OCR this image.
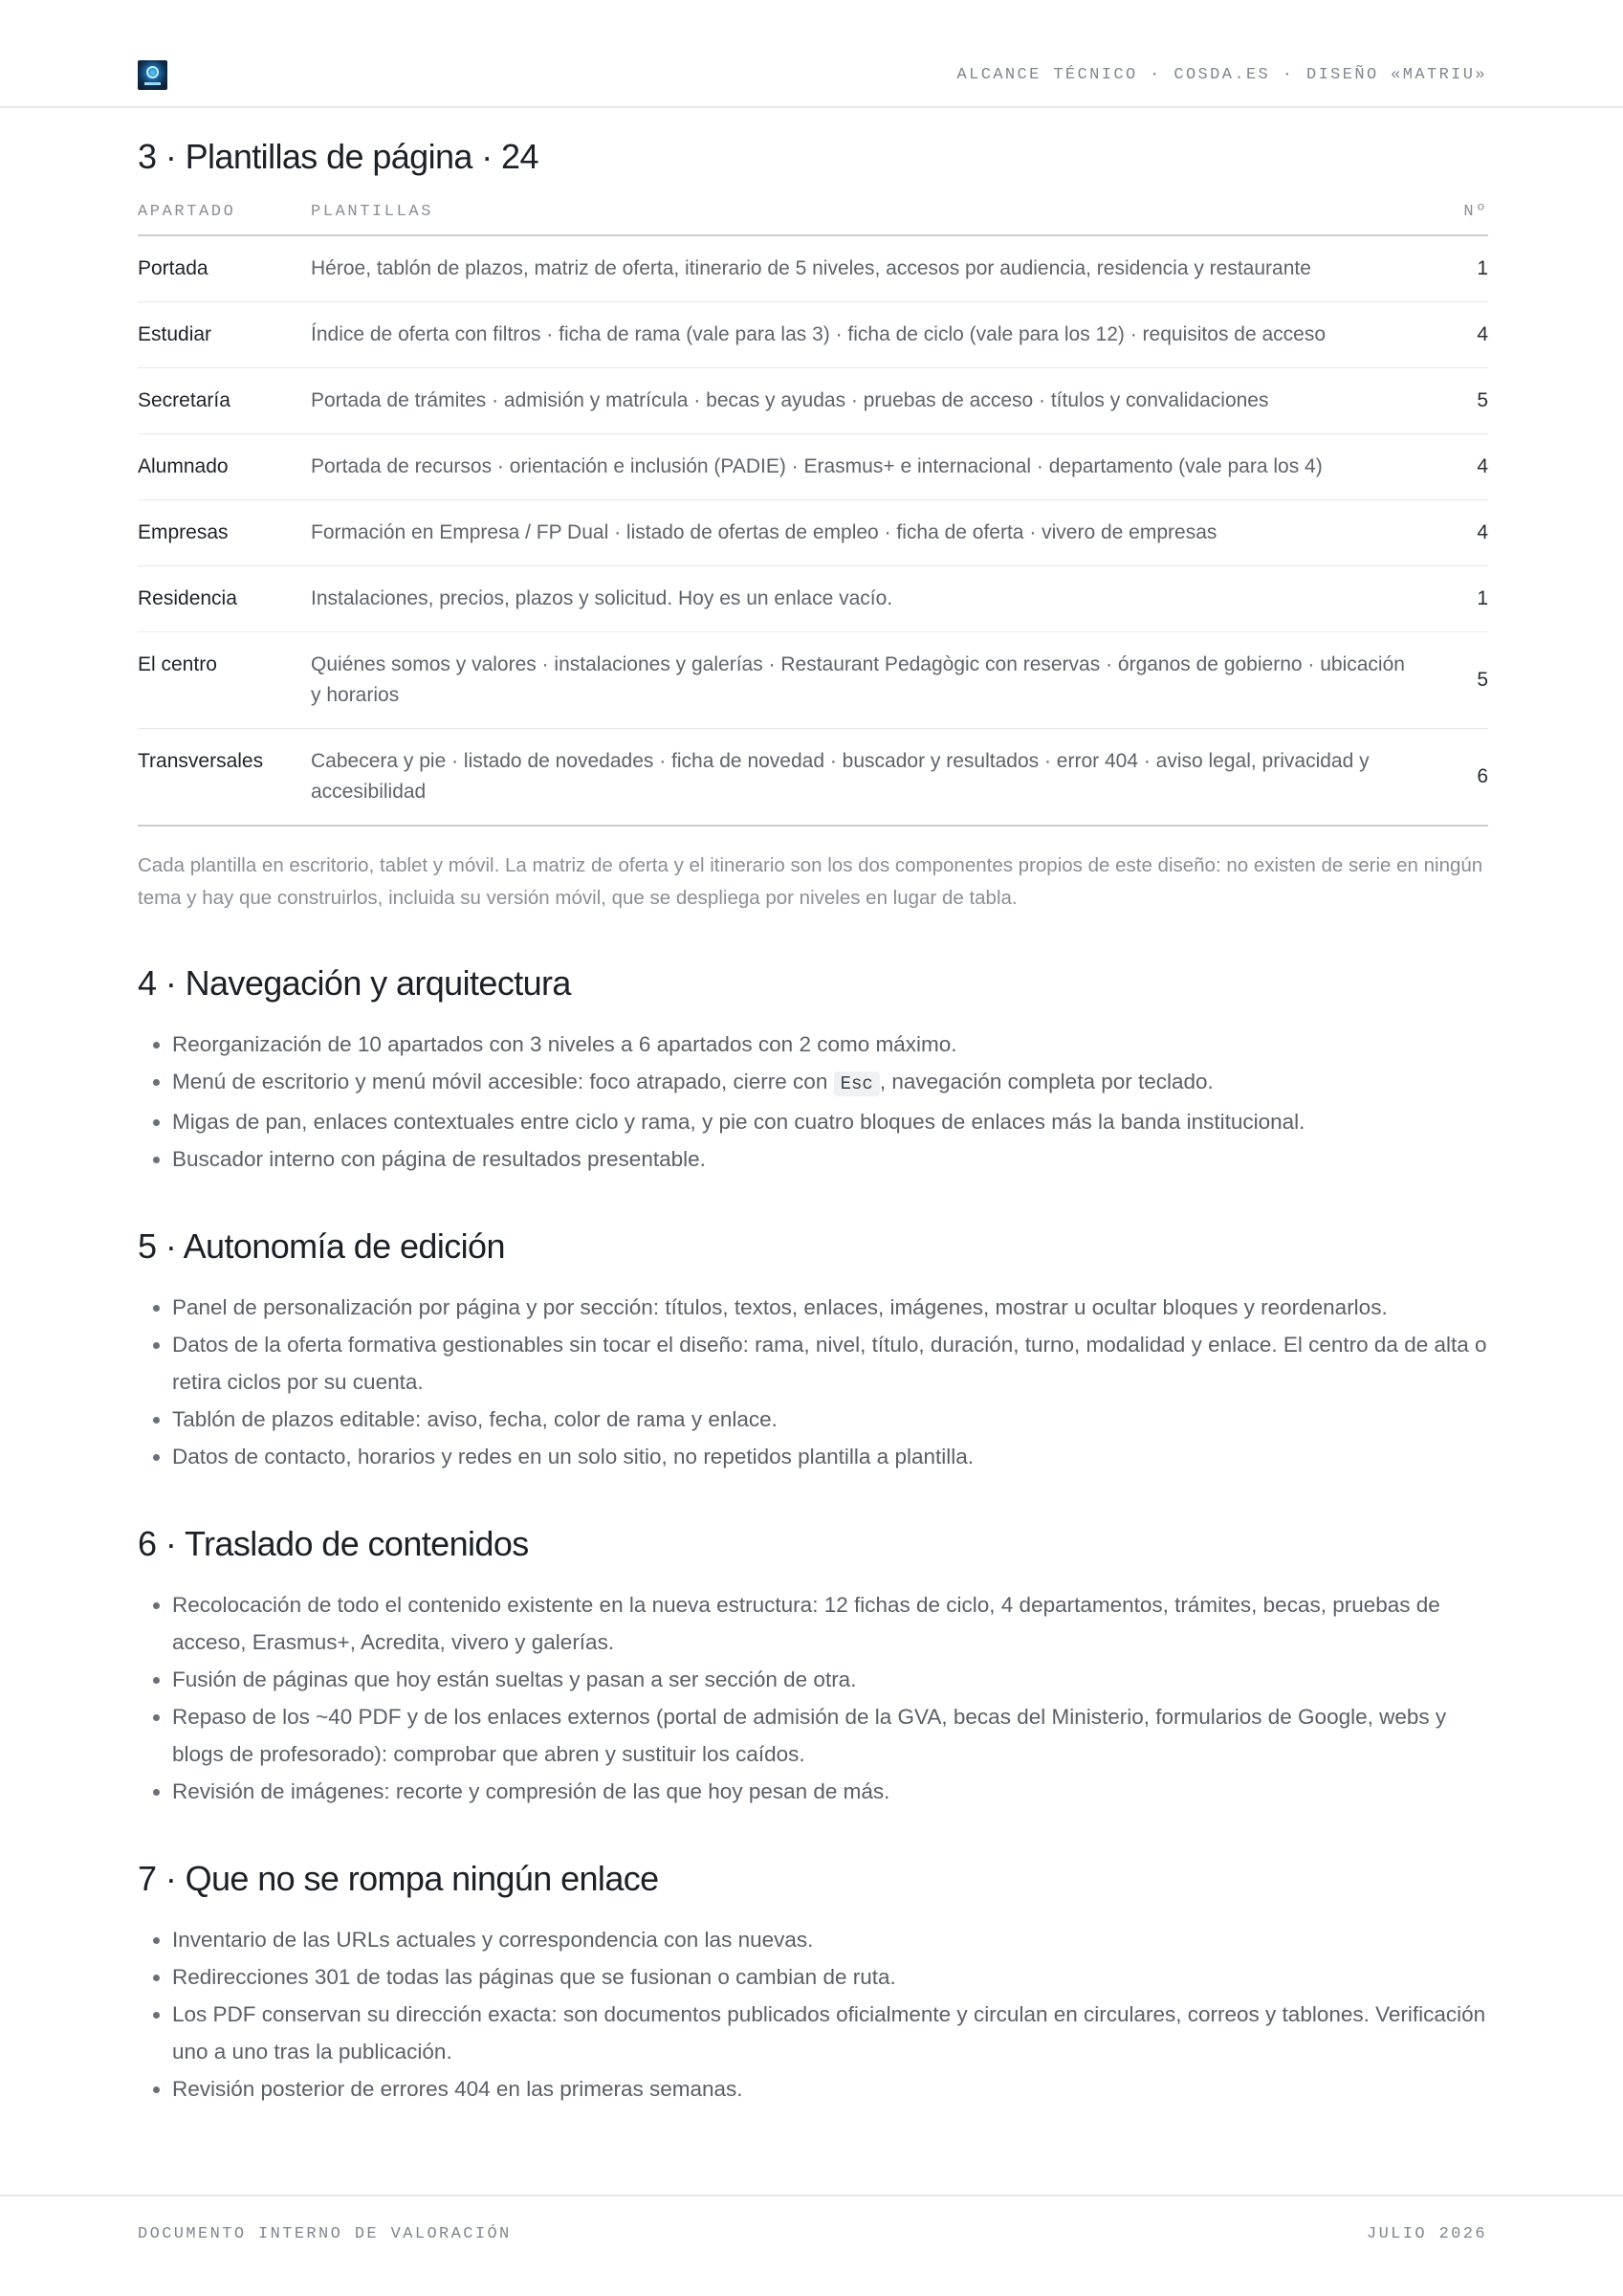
ALCANCE TÉCNICO · COSDA.ES · DISEÑO «MATRIU»
3 · Plantillas de página · 24
APARTADO	PLANTILLAS	Nº
Portada	Héroe, tablón de plazos, matriz de oferta, itinerario de 5 niveles, accesos por audiencia, residencia y restaurante	1
Estudiar	Índice de oferta con filtros · ficha de rama (vale para las 3) · ficha de ciclo (vale para los 12) · requisitos de acceso	4
Secretaría	Portada de trámites · admisión y matrícula · becas y ayudas · pruebas de acceso · títulos y convalidaciones	5
Alumnado	Portada de recursos · orientación e inclusión (PADIE) · Erasmus+ e internacional · departamento (vale para los 4)	4
Empresas	Formación en Empresa / FP Dual · listado de ofertas de empleo · ficha de oferta · vivero de empresas	4
Residencia	Instalaciones, precios, plazos y solicitud. Hoy es un enlace vacío.	1
El centro	Quiénes somos y valores · instalaciones y galerías · Restaurant Pedagògic con reservas · órganos de gobierno · ubicación y horarios	5
Transversales	Cabecera y pie · listado de novedades · ficha de novedad · buscador y resultados · error 404 · aviso legal, privacidad y accesibilidad	6

Cada plantilla en escritorio, tablet y móvil. La matriz de oferta y el itinerario son los dos componentes propios de este diseño: no existen de serie en ningún tema y hay que construirlos, incluida su versión móvil, que se despliega por niveles en lugar de tabla.

4 · Navegación y arquitectura
• Reorganización de 10 apartados con 3 niveles a 6 apartados con 2 como máximo.
• Menú de escritorio y menú móvil accesible: foco atrapado, cierre con Esc , navegación completa por teclado.
• Migas de pan, enlaces contextuales entre ciclo y rama, y pie con cuatro bloques de enlaces más la banda institucional.
• Buscador interno con página de resultados presentable.
5 · Autonomía de edición
• Panel de personalización por página y por sección: títulos, textos, enlaces, imágenes, mostrar u ocultar bloques y reordenarlos.
• Datos de la oferta formativa gestionables sin tocar el diseño: rama, nivel, título, duración, turno, modalidad y enlace. El centro da de alta o retira ciclos por su cuenta.
• Tablón de plazos editable: aviso, fecha, color de rama y enlace.
• Datos de contacto, horarios y redes en un solo sitio, no repetidos plantilla a plantilla.
6 · Traslado de contenidos
• Recolocación de todo el contenido existente en la nueva estructura: 12 fichas de ciclo, 4 departamentos, trámites, becas, pruebas de acceso, Erasmus+, Acredita, vivero y galerías.
• Fusión de páginas que hoy están sueltas y pasan a ser sección de otra.
• Repaso de los ~40 PDF y de los enlaces externos (portal de admisión de la GVA, becas del Ministerio, formularios de Google, webs y blogs de profesorado): comprobar que abren y sustituir los caídos.
• Revisión de imágenes: recorte y compresión de las que hoy pesan de más.
7 · Que no se rompa ningún enlace
• Inventario de las URLs actuales y correspondencia con las nuevas.
• Redirecciones 301 de todas las páginas que se fusionan o cambian de ruta.
• Los PDF conservan su dirección exacta: son documentos publicados oficialmente y circulan en circulares, correos y tablones. Verificación uno a uno tras la publicación.
• Revisión posterior de errores 404 en las primeras semanas.
DOCUMENTO INTERNO DE VALORACIÓN	JULIO 2026
